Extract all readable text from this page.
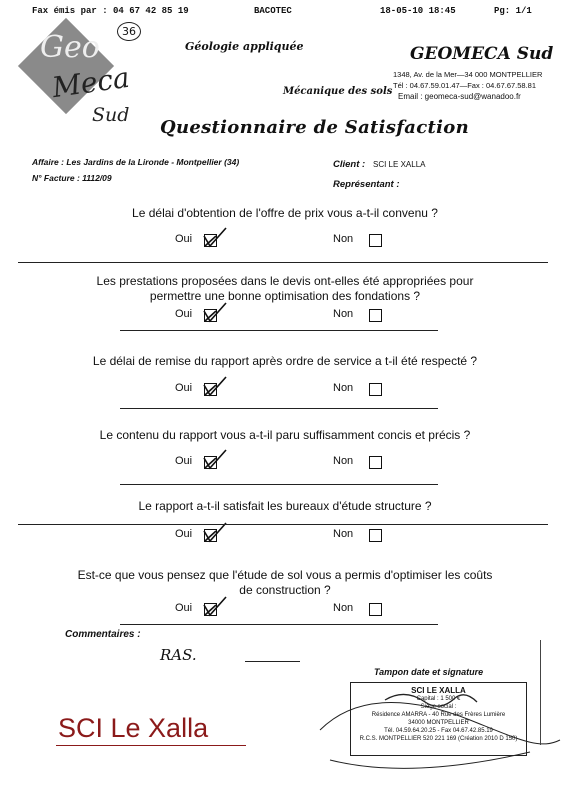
Fax émis par : 04 67 42 85 19

	BACOTEC

	18-05-10 18:45

	Pg: 1/1

Geo
Meca
Sud
36
Géologie appliquée
Mécanique des sols
GEOMECA Sud
1348, Av. de la Mer—34 000 MONTPELLIER
Tél : 04.67.59.01.47—Fax : 04.67.67.58.81
Email : geomeca-sud@wanadoo.fr
Questionnaire de Satisfaction
Affaire : Les Jardins de la Lironde - Montpellier (34)
N° Facture : 1112/09
Client : SCI LE XALLA
Représentant :
Le délai d'obtention de l'offre de prix vous a-t-il convenu ?
Oui	Non
Les prestations proposées dans le devis ont-elles été appropriées pour permettre une bonne optimisation des fondations ?
Oui	Non
Le délai de remise du rapport après ordre de service a t-il été respecté ?
Oui	Non
Le contenu du rapport vous a-t-il paru suffisamment concis et précis ?
Oui	Non
Le rapport a-t-il satisfait les bureaux d'étude structure ?
Oui	Non
Est-ce que vous pensez que l'étude de sol vous a permis d'optimiser les coûts de construction ?
Oui	Non
Commentaires :
RAS.
Tampon date et signature
SCI LE XALLA
Capital : 1 500 €
Siège social :
Résidence AMARRA - 40 Rue des Frères Lumière
34000 MONTPELLIER
Tél. 04.59.64.20.25 - Fax 04.67.42.85.19
R.C.S. MONTPELLIER 520 221 169 (Création 2010 D 150)
SCI Le Xalla
